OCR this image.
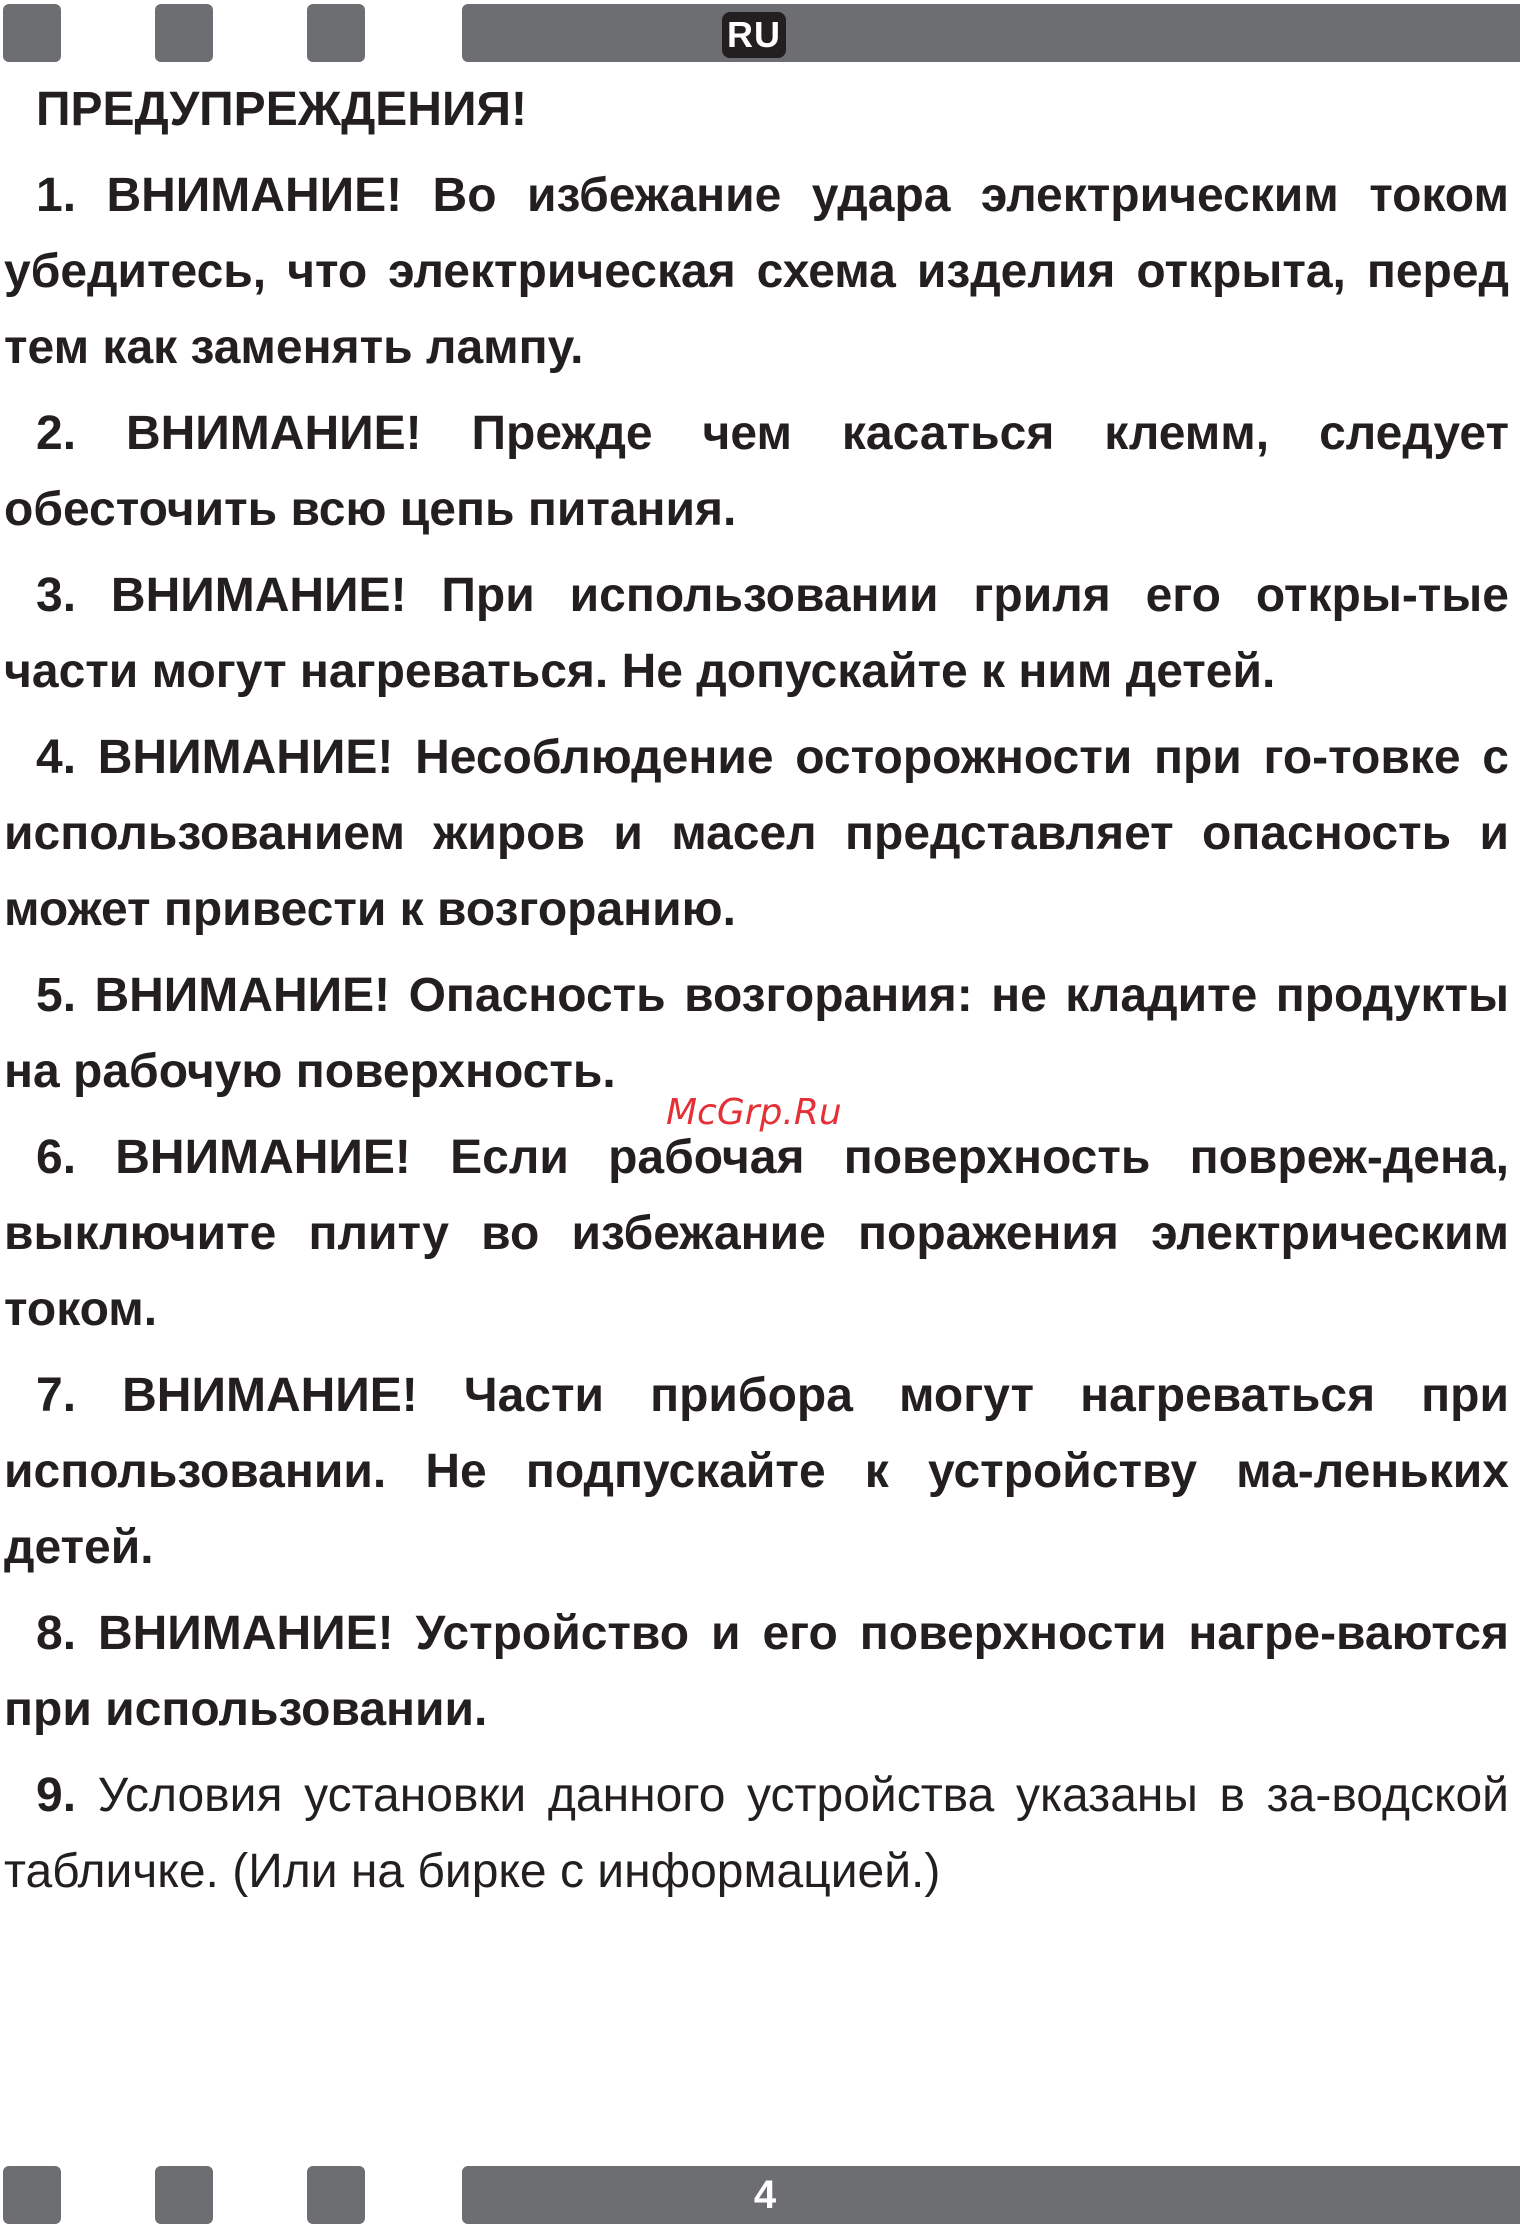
RU
ПРЕДУПРЕЖДЕНИЯ!

1. ВНИМАНИЕ! Во избежание удара электрическим током убедитесь, что электрическая схема изделия открыта, перед тем как заменять лампу.

2. ВНИМАНИЕ! Прежде чем касаться клемм, следует обесточить всю цепь питания.

3. ВНИМАНИЕ! При использовании гриля его откры-тые части могут нагреваться. Не допускайте к ним детей.

4. ВНИМАНИЕ! Несоблюдение осторожности при го-товке с использованием жиров и масел представляет опасность и может привести к возгоранию.

5. ВНИМАНИЕ! Опасность возгорания: не кладите продукты на рабочую поверхность.

6. ВНИМАНИЕ! Если рабочая поверхность повреж-дена, выключите плиту во избежание поражения электрическим током.

7. ВНИМАНИЕ! Части прибора могут нагреваться при использовании. Не подпускайте к устройству ма-леньких детей.

8. ВНИМАНИЕ! Устройство и его поверхности нагре-ваются при использовании.

9. Условия установки данного устройства указаны в за-водской табличке. (Или на бирке с информацией.)

McGrp.Ru
4
